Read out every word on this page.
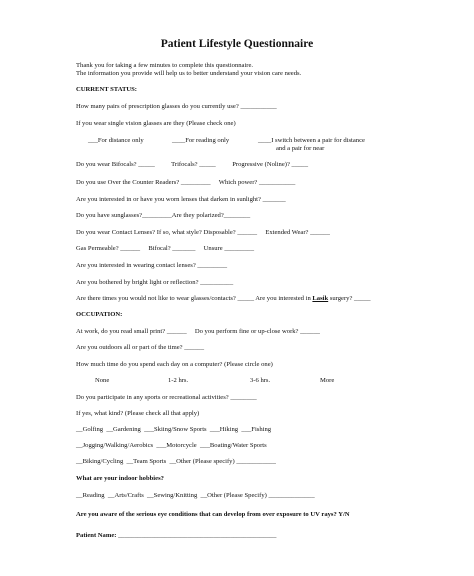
Patient Lifestyle Questionnaire
Thank you for taking a few minutes to complete this questionnaire.
The information you provide will help us to better understand your vision care needs.
CURRENT STATUS:
How many pairs of prescription glasses do you currently use? ___________
If you wear single vision glasses are they (Please check one)
___For distance only	____For reading only	____I switch between a pair for distance
and a pair for near
Do you wear Bifocals? _____          Trifocals? _____          Progressive (Noline)? _____
Do you use Over the Counter Readers? _________     Which power? ___________
Are you interested in or have you worn lenses that darken in sunlight? _______
Do you have sunglasses?_________Are they polarized?________
Do you wear Contact Lenses? If so, what style? Disposable? ______     Extended Wear? ______
Gas Permeable? ______     Bifocal? _______     Unsure _________
Are you interested in wearing contact lenses? _________
Are you bothered by bright light or reflection? __________
Are there times you would not like to wear glasses/contacts? _____ Are you interested in Lasik surgery? _____
OCCUPATION:
At work, do you read small print? ______     Do you perform fine or up-close work? ______
Are you outdoors all or part of the time? ______
How much time do you spend each day on a computer? (Please circle one)
None	1-2 hrs.	3-6 hrs.	More
Do you participate in any sports or recreational activities? ________
If yes, what kind? (Please check all that apply)
__Golfing  __Gardening  ___Skiing/Snow Sports  ___Hiking  ___Fishing
__Jogging/Walking/Aerobics  ___Motorcycle  ___Boating/Water Sports
__Biking/Cycling  __Team Sports  __Other (Please specify) ____________
What are your indoor hobbies?
__Reading  __Arts/Crafts  __Sewing/Knitting  __Other (Please Specify) ______________
Are you aware of the serious eye conditions that can develop from over exposure to UV rays? Y/N
Patient Name: ________________________________________________
